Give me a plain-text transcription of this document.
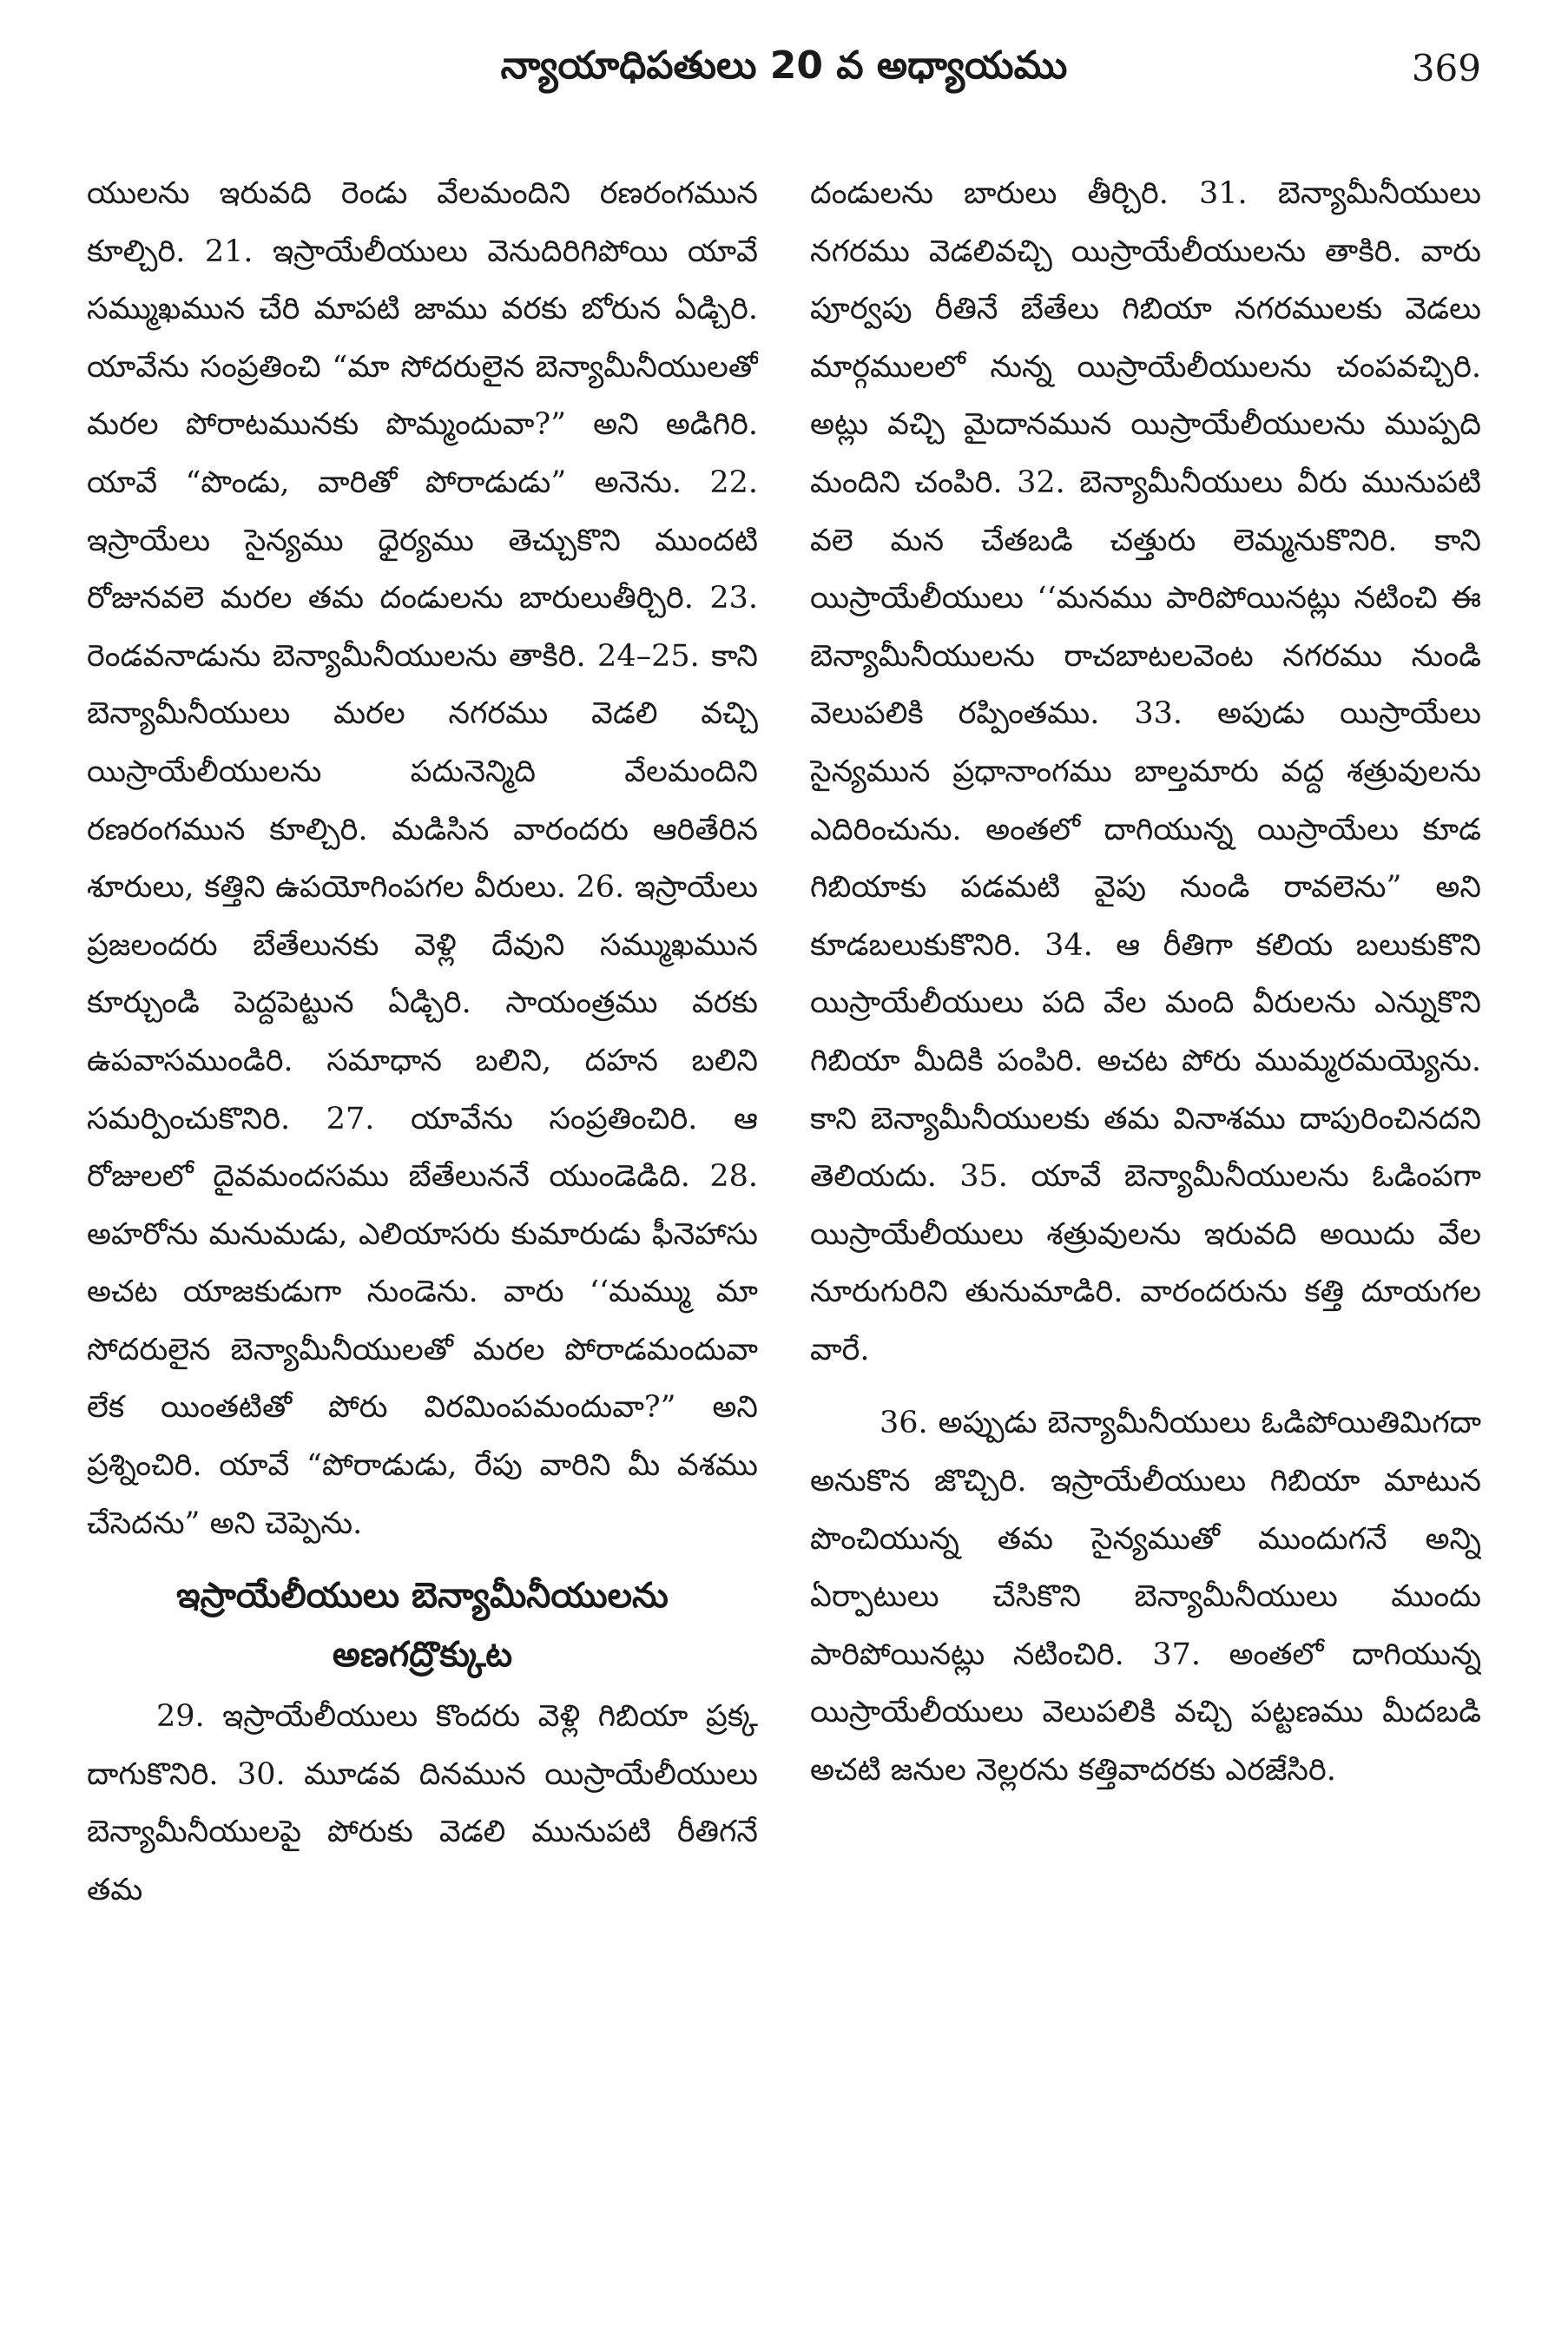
న్యాయాధిపతులు 20 వ అధ్యాయము	369

యులను ఇరువది రెండు వేలమందిని రణరంగమున కూల్చిరి. 21. ఇస్రాయేలీయులు వెనుదిరిగిపోయి యావే సమ్ముఖమున చేరి మాపటి జాము వరకు బోరున ఏడ్చిరి. యావేను సంప్రతించి “మా సోదరులైన బెన్యామీనీయులతో మరల పోరాటమునకు పొమ్మందువా?” అని అడిగిరి. యావే “పొండు, వారితో పోరాడుడు” అనెను. 22. ఇస్రాయేలు సైన్యము ధైర్యము తెచ్చుకొని ముందటి రోజునవలె మరల తమ దండులను బారులుతీర్చిరి. 23. రెండవనాడును బెన్యామీనీయులను తాకిరి. 24–25. కాని బెన్యామీనీయులు మరల నగరము వెడలి వచ్చి యిస్రాయేలీయులను పదునెన్మిది వేలమందిని రణరంగమున కూల్చిరి. మడిసిన వారందరు ఆరితేరిన శూరులు, కత్తిని ఉపయోగింపగల వీరులు. 26. ఇస్రాయేలు ప్రజలందరు బేతేలునకు వెళ్లి దేవుని సమ్ముఖమున కూర్చుండి పెద్దపెట్టున ఏడ్చిరి. సాయంత్రము వరకు ఉపవాసముండిరి. సమాధాన బలిని, దహన బలిని సమర్పించుకొనిరి. 27. యావేను సంప్రతించిరి. ఆ రోజులలో దైవమందసము బేతేలుననే యుండెడిది. 28. అహరోను మనుమడు, ఎలియాసరు కుమారుడు ఫీనెహాసు అచట యాజకుడుగా నుండెను. వారు ‘‘మమ్ము మా సోదరులైన బెన్యామీనీయులతో మరల పోరాడమందువా లేక యింతటితో పోరు విరమింపమందువా?” అని ప్రశ్నించిరి. యావే “పోరాడుడు, రేపు వారిని మీ వశము చేసెదను” అని చెప్పెను.

ఇస్రాయేలీయులు బెన్యామీనీయులను అణగద్రొక్కుట

29. ఇస్రాయేలీయులు కొందరు వెళ్లి గిబియా ప్రక్క దాగుకొనిరి. 30. మూడవ దినమున యిస్రాయేలీయులు బెన్యామీనీయులపై పోరుకు వెడలి మునుపటి రీతిగనే తమ

దండులను బారులు తీర్చిరి. 31. బెన్యామీనీయులు నగరము వెడలివచ్చి యిస్రాయేలీయులను తాకిరి. వారు పూర్వపు రీతినే బేతేలు గిబియా నగరములకు వెడలు మార్గములలో నున్న యిస్రాయేలీయులను చంపవచ్చిరి. అట్లు వచ్చి మైదానమున యిస్రాయేలీయులను ముప్పది మందిని చంపిరి. 32. బెన్యామీనీయులు వీరు మునుపటి వలె మన చేతబడి చత్తురు లెమ్మనుకొనిరి. కాని యిస్రాయేలీయులు ‘‘మనము పారిపోయినట్లు నటించి ఈ బెన్యామీనీయులను రాచబాటలవెంట నగరము నుండి వెలుపలికి రప్పింతము. 33. అపుడు యిస్రాయేలు సైన్యమున ప్రధానాంగము బాల్తమారు వద్ద శత్రువులను ఎదిరించును. అంతలో దాగియున్న యిస్రాయేలు కూడ గిబియాకు పడమటి వైపు నుండి రావలెను” అని కూడబలుకుకొనిరి. 34. ఆ రీతిగా కలియ బలుకుకొని యిస్రాయేలీయులు పది వేల మంది వీరులను ఎన్నుకొని గిబియా మీదికి పంపిరి. అచట పోరు ముమ్మరమయ్యెను. కాని బెన్యామీనీయులకు తమ వినాశము దాపురించినదని తెలియదు. 35. యావే బెన్యామీనీయులను ఓడింపగా యిస్రాయేలీయులు శత్రువులను ఇరువది అయిదు వేల నూరుగురిని తునుమాడిరి. వారందరును కత్తి దూయగల వారే.

36. అప్పుడు బెన్యామీనీయులు ఓడిపోయితిమిగదా అనుకొన జొచ్చిరి. ఇస్రాయేలీయులు గిబియా మాటున పొంచియున్న తమ సైన్యముతో ముందుగనే అన్ని ఏర్పాటులు చేసికొని బెన్యామీనీయులు ముందు పారిపోయినట్లు నటించిరి. 37. అంతలో దాగియున్న యిస్రాయేలీయులు వెలుపలికి వచ్చి పట్టణము మీదబడి అచటి జనుల నెల్లరను కత్తివాదరకు ఎరజేసిరి.
